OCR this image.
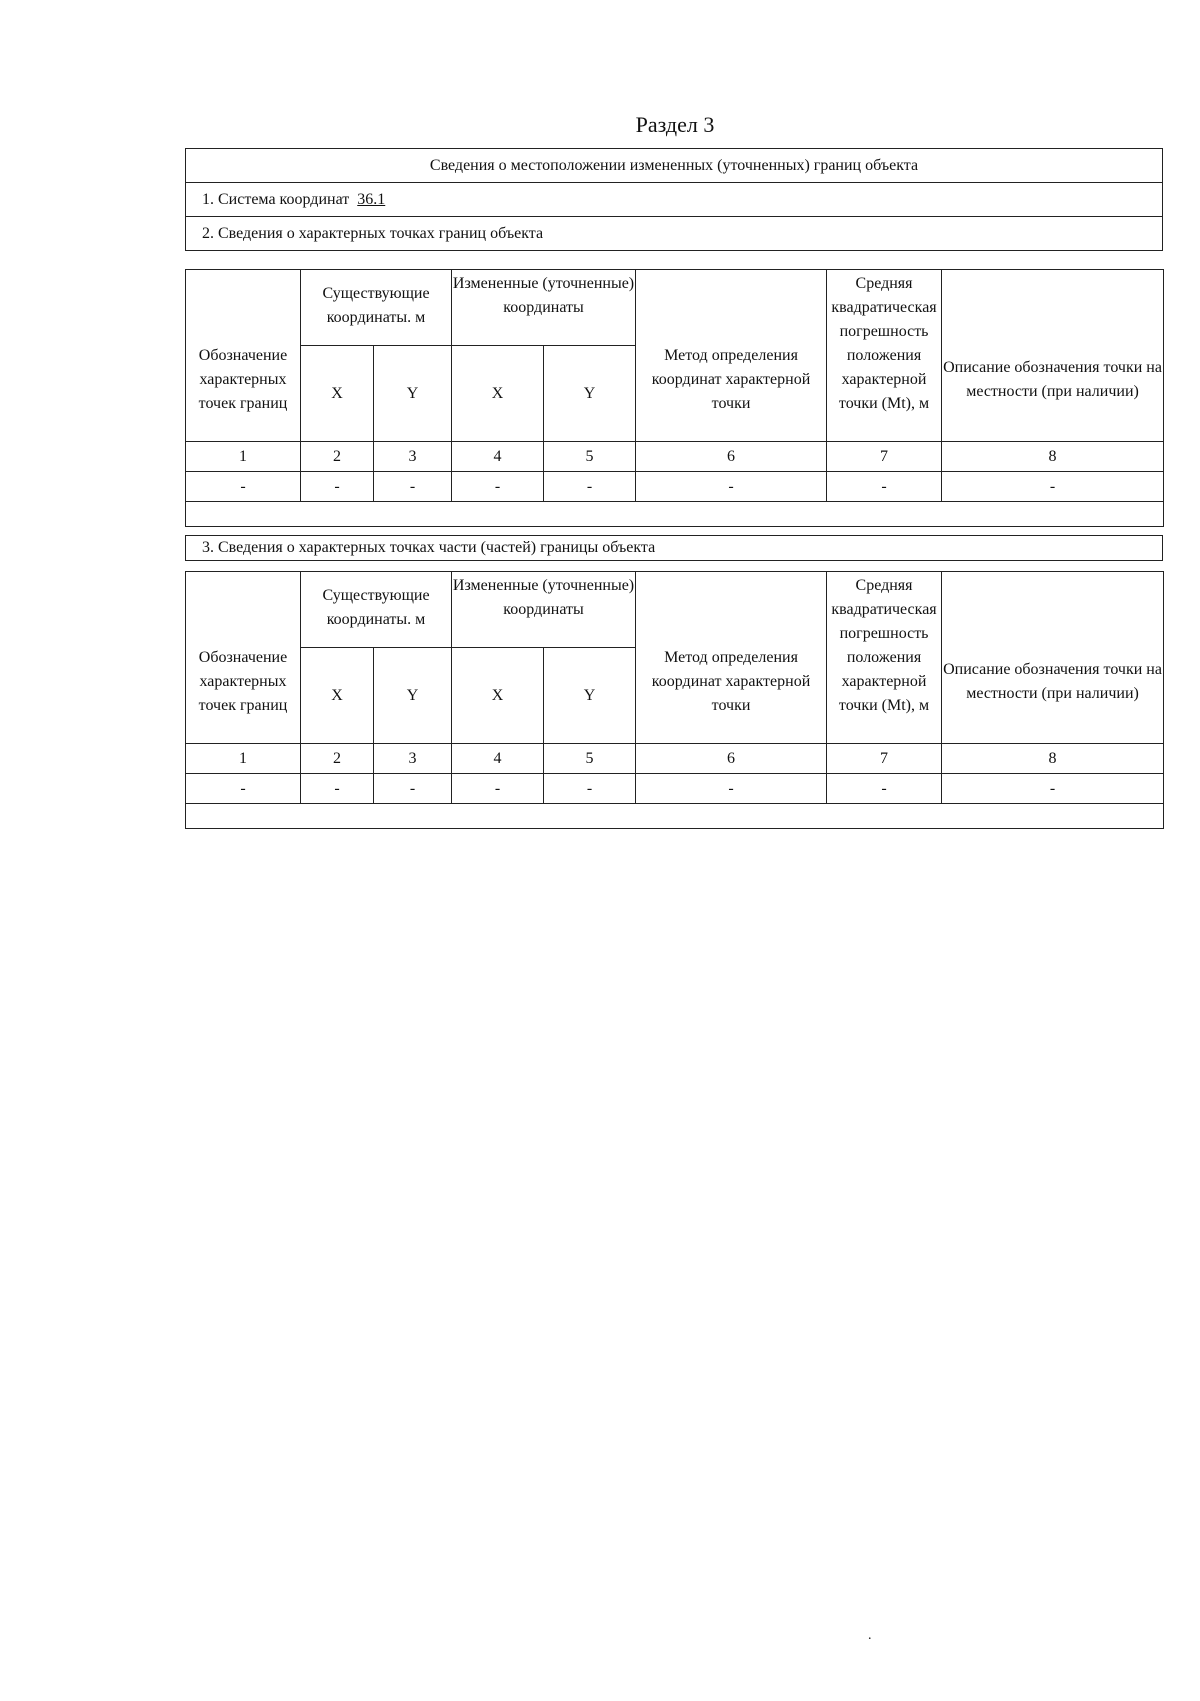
Раздел 3
Сведения о местоположении измененных (уточненных) границ объекта
1. Система координат 36.1
2. Сведения о характерных точках границ объекта
Обозначение характерных точек границ	Существующие координаты. м		Измененные (уточненные) координаты		Метод определения координат характерной точки	Средняя квадратическая погрешность положения характерной точки (Mt), м	Описание обозначения точки на местности (при наличии)
	X	Y	X	Y			
1	2	3	4	5	6	7	8
-	-	-	-	-	-	-	-

3. Сведения о характерных точках части (частей) границы объекта
Обозначение характерных точек границ	Существующие координаты. м		Измененные (уточненные) координаты		Метод определения координат характерной точки	Средняя квадратическая погрешность положения характерной точки (Mt), м	Описание обозначения точки на местности (при наличии)
	X	Y	X	Y			
1	2	3	4	5	6	7	8
-	-	-	-	-	-	-	-

.
